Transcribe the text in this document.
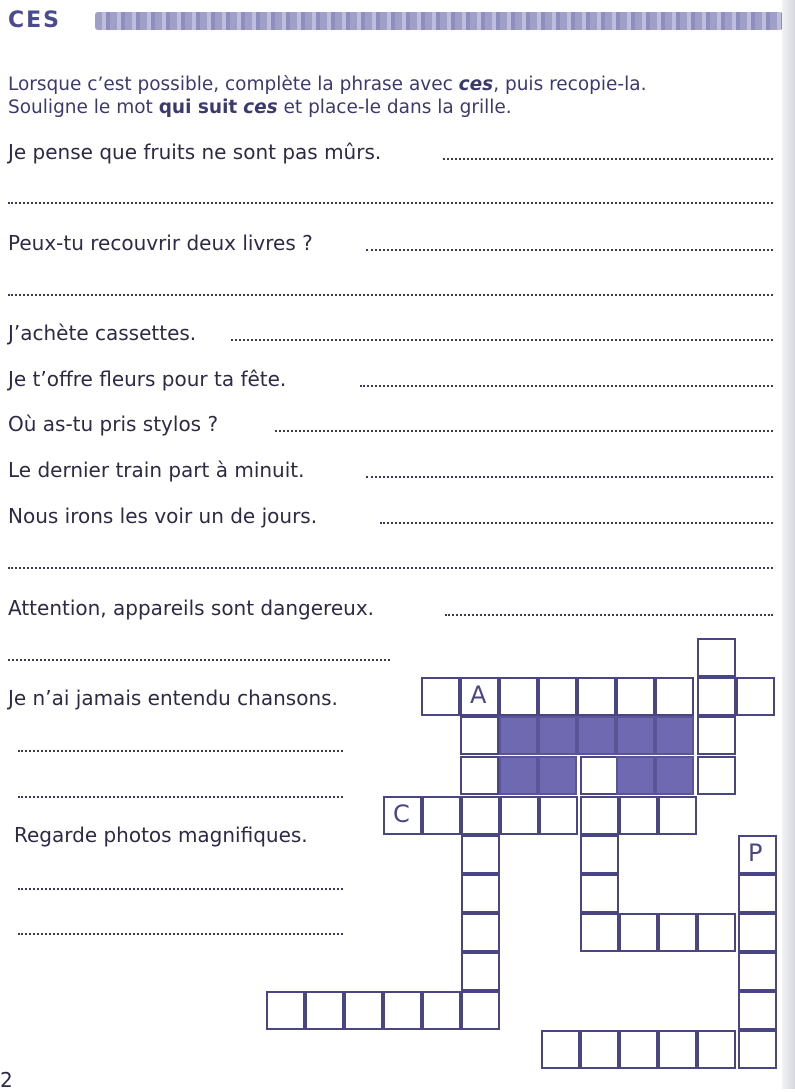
CES
Lorsque c’est possible, complète la phrase avec ces, puis recopie-la.
Souligne le mot qui suit ces et place-le dans la grille.
Je pense que fruits ne sont pas mûrs.
Peux-tu recouvrir deux livres ?
J’achète cassettes.
Je t’offre fleurs pour ta fête.
Où as-tu pris stylos ?
Le dernier train part à minuit.
Nous irons les voir un de jours.
Attention, appareils sont dangereux.
Je n’ai jamais entendu chansons.
Regarde photos magnifiques.
A
C
P
2
